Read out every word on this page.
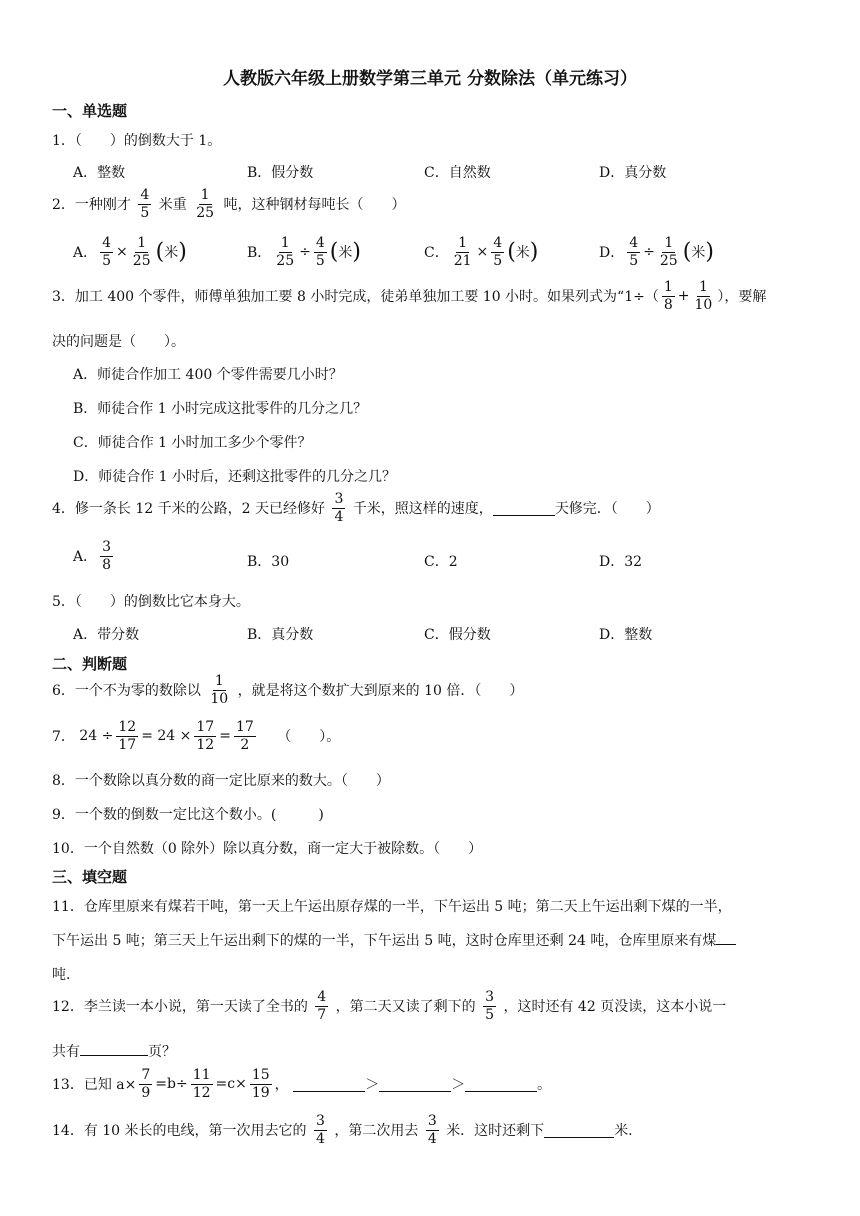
人教版六年级上册数学第三单元 分数除法（单元练习）
一、单选题
1．（　　）的倒数大于 1。
A．整数	B．假分数	C．自然数	D．真分数
2．一种刚才 $\frac{4}{5}$ 米重 $\frac{1}{25}$ 吨，这种钢材每吨长（　　）
A． $\frac{4}{5} \times \frac{1}{25}$ (米)	B． $\frac{1}{25} \div \frac{4}{5}$ (米)	C． $\frac{1}{21} \times \frac{4}{5}$ (米)	D． $\frac{4}{5} \div \frac{1}{25}$ (米)
3．加工 400 个零件，师傅单独加工要 8 小时完成，徒弟单独加工要 10 小时。如果列式为“$1\div( \frac{1}{8} + \frac{1}{10}$ ），要解
决的问题是（　　）。
A．师徒合作加工 400 个零件需要几小时？
B．师徒合作 1 小时完成这批零件的几分之几？
C．师徒合作 1 小时加工多少个零件？
D．师徒合作 1 小时后，还剩这批零件的几分之几？
4．修一条长 12 千米的公路，2 天已经修好 $\frac{3}{4}$ 千米，照这样的速度，	天修完．（　　）
A． $\frac{3}{8}$	B．30	C．2	D．32
5．（　　）的倒数比它本身大。
A．带分数	B．真分数	C．假分数	D．整数
二、判断题
6．一个不为零的数除以 $\frac{1}{10}$ ，就是将这个数扩大到原来的 10 倍．（　　）
7． $24 \div \frac{12}{17} = 24 \times \frac{17}{12} = \frac{17}{2}$ （　　）。
8．一个数除以真分数的商一定比原来的数大。（　　）
9．一个数的倒数一定比这个数小。(　　　)
10．一个自然数（0 除外）除以真分数，商一定大于被除数。（　　）
三、填空题
11．仓库里原来有煤若干吨，第一天上午运出原存煤的一半，下午运出 5 吨；第二天上午运出剩下煤的一半，
下午运出 5 吨；第三天上午运出剩下的煤的一半，下午运出 5 吨，这时仓库里还剩 24 吨，仓库里原来有煤
吨.
12．李兰读一本小说，第一天读了全书的 $\frac{4}{7}$ ，第二天又读了剩下的 $\frac{3}{5}$ ，这时还有 42 页没读，这本小说一
共有	页？
13．已知 $a\times \frac{7}{9} =b\div \frac{11}{12} =c\times \frac{15}{19}$ ，	＞	＞	。
14．有 10 米长的电线，第一次用去它的 $\frac{3}{4}$ ，第二次用去 $\frac{3}{4}$ 米．这时还剩下	米.
